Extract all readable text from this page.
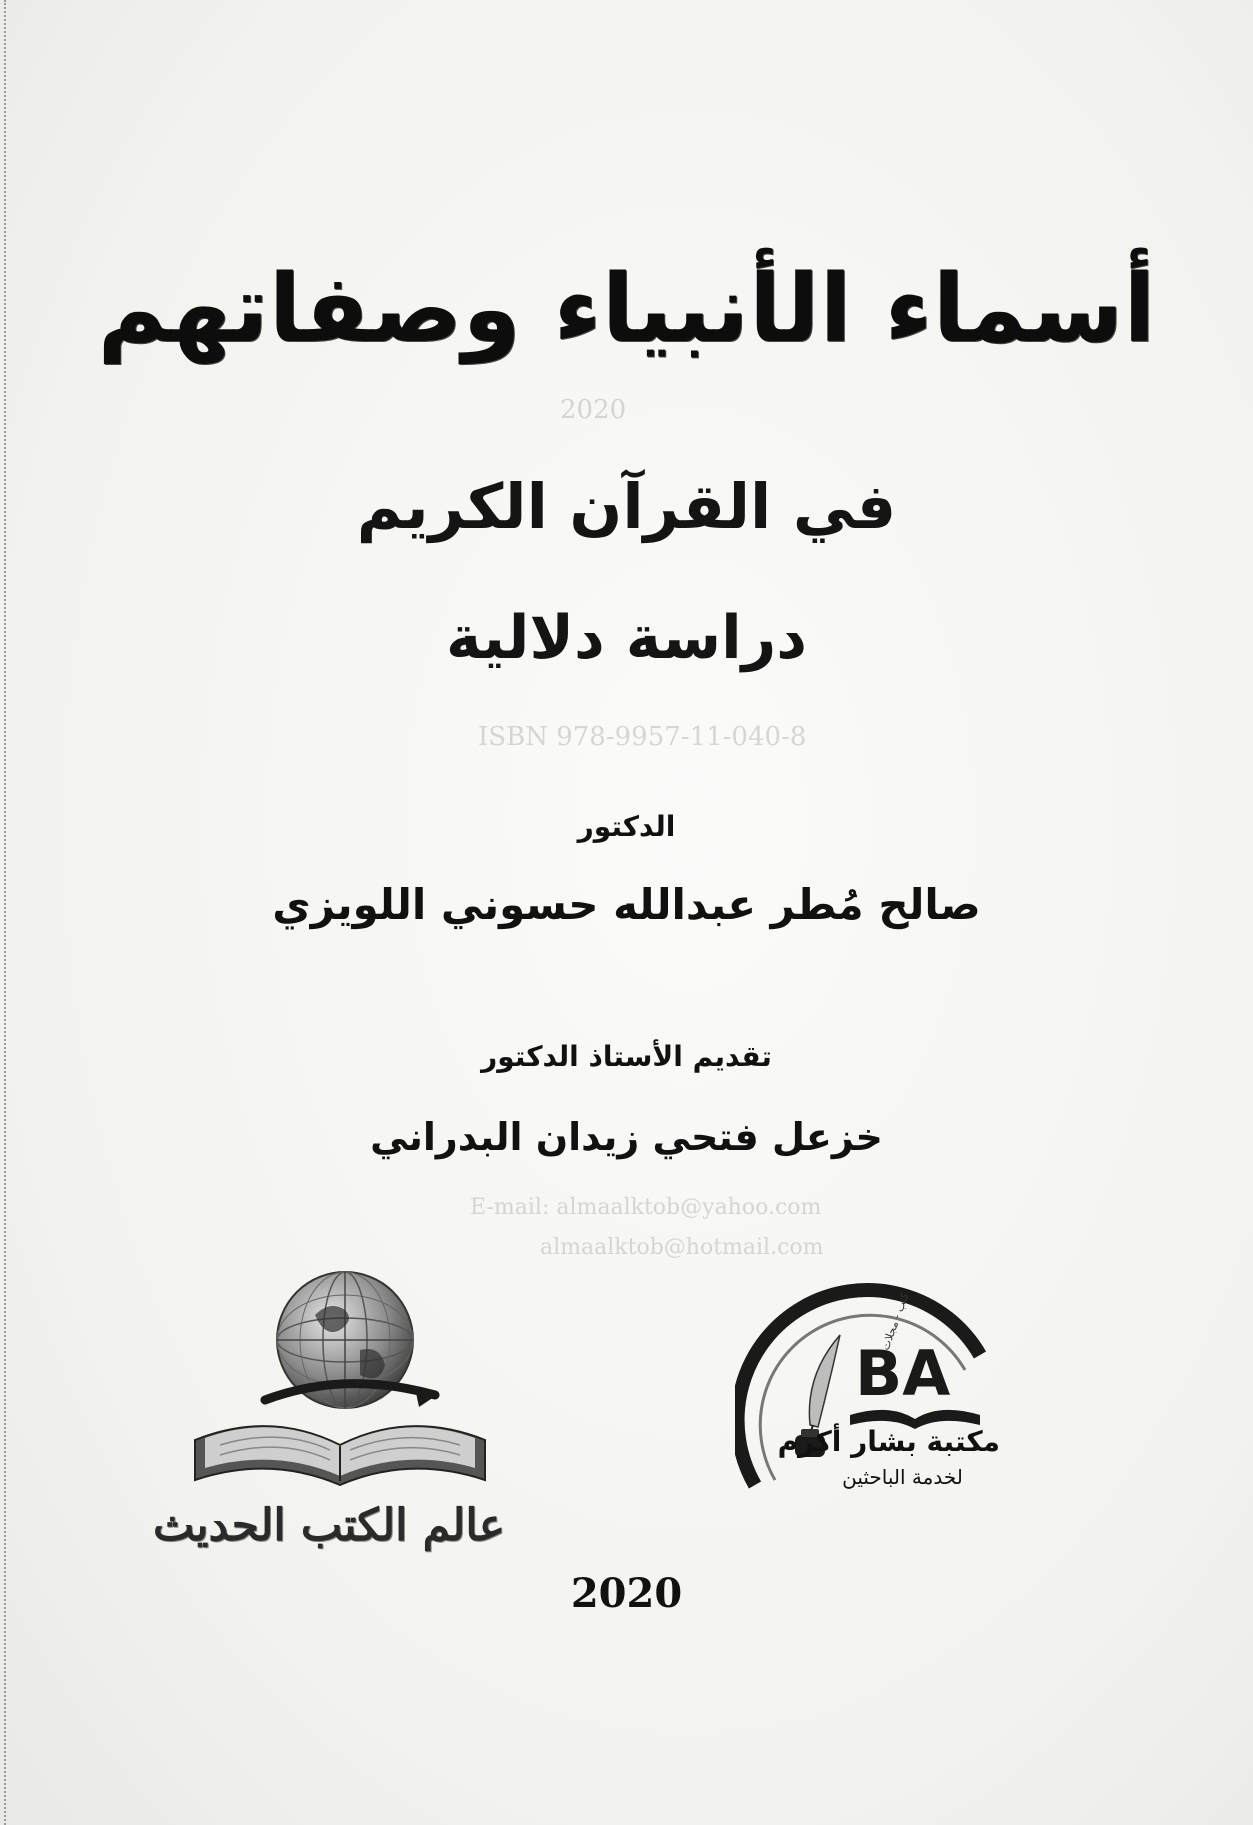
2020
ISBN 978-9957-11-040-8
E-mail: almaalktob@yahoo.com
almaalktob@hotmail.com
أسماء الأنبياء وصفاتهم
في القرآن الكريم
دراسة دلالية
الدكتور
صالح مُطر عبدالله حسوني اللويزي
تقديم الأستاذ الدكتور
خزعل فتحي زيدان البدراني
عالم الكتب الحديث
BA
كتب - مجلات
مكتبة بشار أكرم
لخدمة الباحثين
2020
